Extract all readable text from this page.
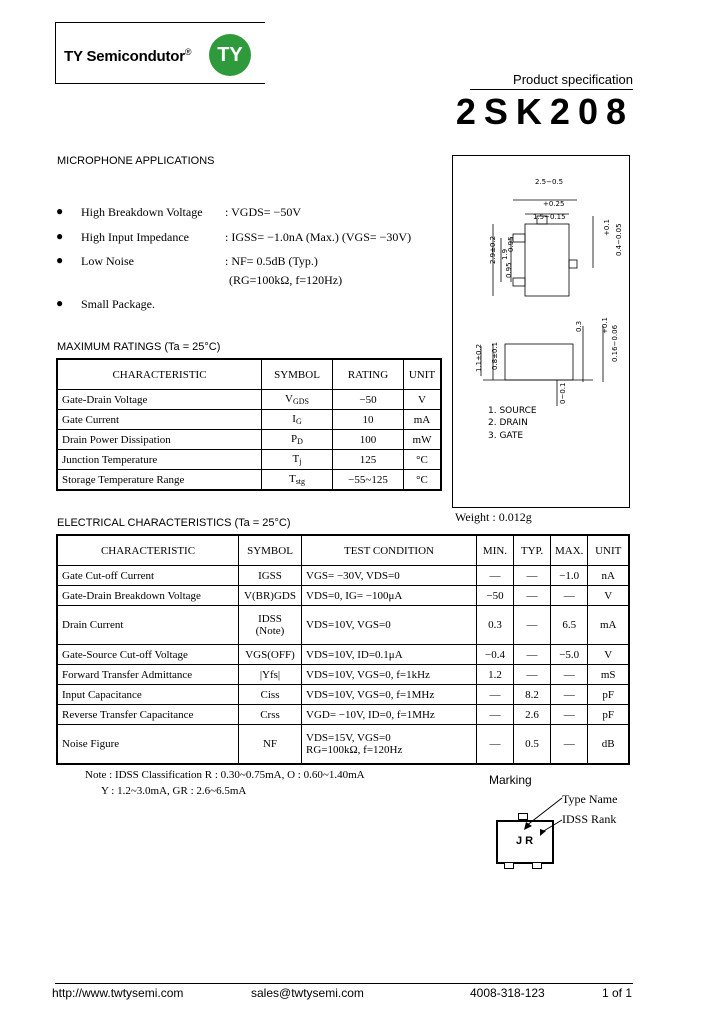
TY Semicondutor®	TY
Product specification
2SK208
MICROPHONE APPLICATIONS
● High Breakdown Voltage : VGDS= −50V
● High Input Impedance	: IGSS= −1.0nA (Max.) (VGS= −30V)
● Low Noise	: NF= 0.5dB (Typ.)
(RG=100kΩ, f=120Hz)
● Small Package.
2.5−0.5
+0.25
1.5−0.15
2.9±0.2
0.95
0.95
1.9	0.4−0.05
+0.1
0.3	0.16−0.06
+0.1
1.1±0.2 0.8±0.1
0~0.1
1. SOURCE
2. DRAIN
3. GATE
Weight : 0.012g
MAXIMUM RATINGS (Ta = 25°C)
CHARACTERISTIC	SYMBOL	RATING	UNIT
Gate-Drain Voltage	$V_{GDS}$	−50	V
Gate Current	$I_G$	10	mA
Drain Power Dissipation	$P_D$	100	mW
Junction Temperature	$T_j$	125	°C
Storage Temperature Range	$T_{stg}$	−55~125	°C
ELECTRICAL CHARACTERISTICS (Ta = 25°C)
CHARACTERISTIC	SYMBOL	TEST CONDITION	MIN.	TYP.	MAX.	UNIT
Gate Cut-off Current	IGSS	VGS= −30V, VDS=0	—	—	−1.0	nA
Gate-Drain Breakdown Voltage	V(BR)GDS	VDS=0, IG= −100μA	−50	—	—	V
Drain Current	IDSS
(Note)	VDS=10V, VGS=0	0.3	—	6.5	mA
Gate-Source Cut-off Voltage	VGS(OFF)	VDS=10V, ID=0.1μA	−0.4	—	−5.0	V
Forward Transfer Admittance	|Yfs|	VDS=10V, VGS=0, f=1kHz	1.2	—	—	mS
Input Capacitance	Ciss	VDS=10V, VGS=0, f=1MHz	—	8.2	—	pF
Reverse Transfer Capacitance	Crss	VGD= −10V, ID=0, f=1MHz	—	2.6	—	pF
Noise Figure	NF	VDS=15V, VGS=0
RG=100kΩ, f=120Hz	—	0.5	—	dB
Note : IDSS Classification R : 0.30~0.75mA, O : 0.60~1.40mA
Y : 1.2~3.0mA, GR : 2.6~6.5mA
Marking
JR
Type Name
IDSS Rank
http://www.twtysemi.com	sales@twtysemi.com	4008-318-123	1 of 1
